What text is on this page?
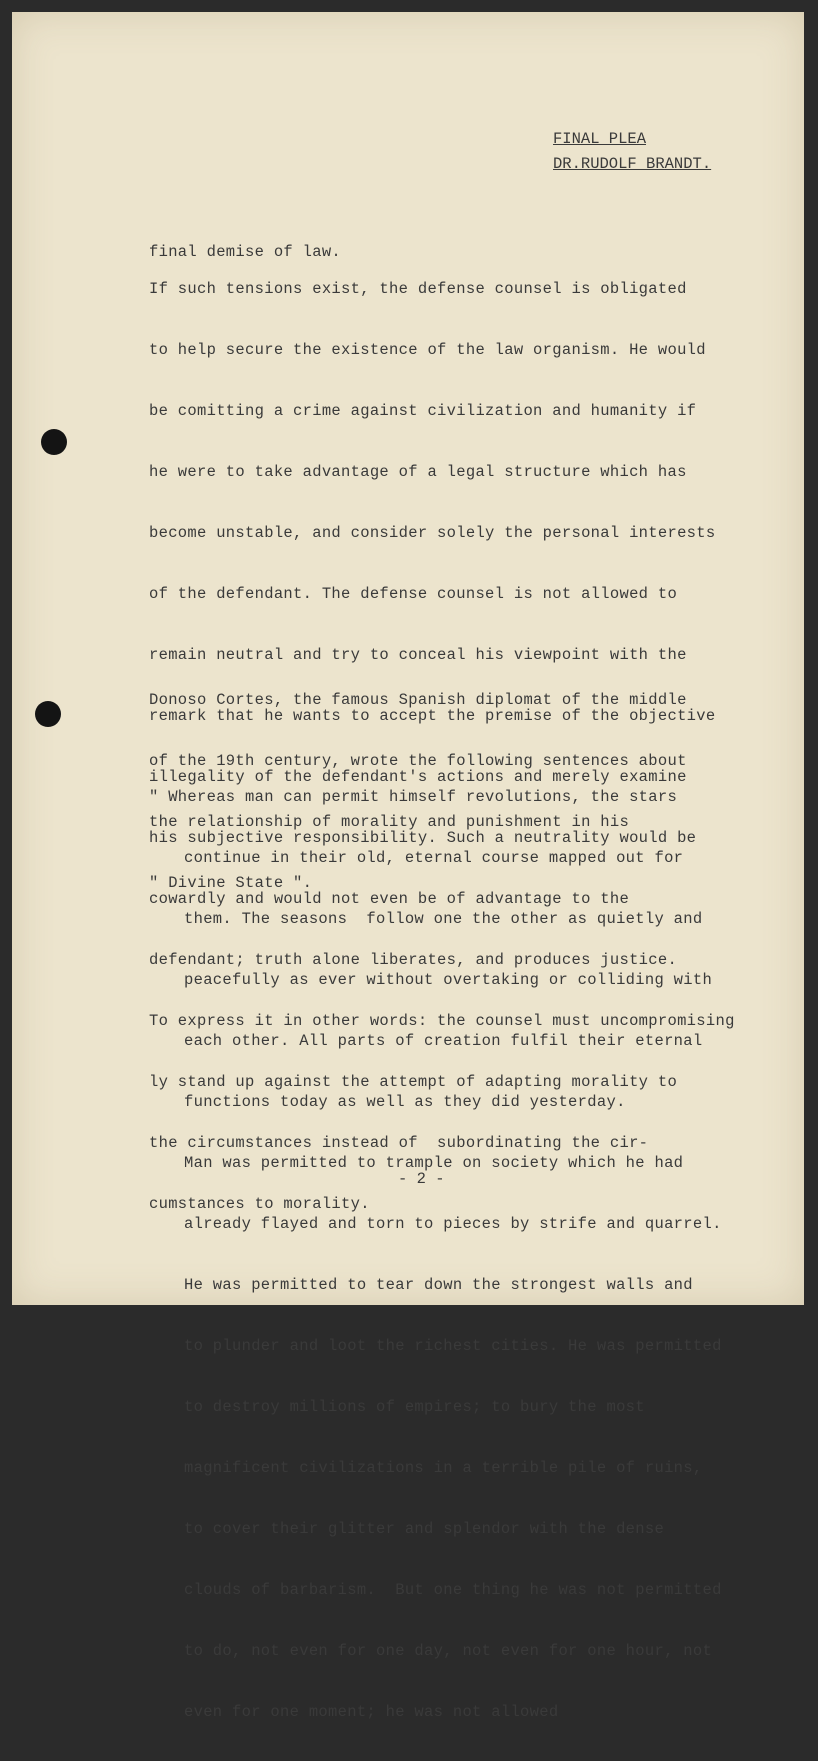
FINAL PLEA
DR.RUDOLF BRANDT.

final demise of law.

If such tensions exist, the defense counsel is obligated

to help secure the existence of the law organism. He would

be comitting a crime against civilization and humanity if

he were to take advantage of a legal structure which has

become unstable, and consider solely the personal interests

of the defendant. The defense counsel is not allowed to

remain neutral and try to conceal his viewpoint with the

remark that he wants to accept the premise of the objective

illegality of the defendant's actions and merely examine

his subjective responsibility. Such a neutrality would be

cowardly and would not even be of advantage to the

defendant; truth alone liberates, and produces justice.

To express it in other words: the counsel must uncompromising

ly stand up against the attempt of adapting morality to

the circumstances instead of  subordinating the cir-

cumstances to morality.

Donoso Cortes, the famous Spanish diplomat of the middle

of the 19th century, wrote the following sentences about

the relationship of morality and punishment in his

" Divine State ".

" Whereas man can permit himself revolutions, the stars

continue in their old, eternal course mapped out for

them. The seasons  follow one the other as quietly and

peacefully as ever without overtaking or colliding with

each other. All parts of creation fulfil their eternal

functions today as well as they did yesterday.

Man was permitted to trample on society which he had

already flayed and torn to pieces by strife and quarrel.

He was permitted to tear down the strongest walls and

to plunder and loot the richest cities. He was permitted

to destroy millions of empires; to bury the most

magnificent civilizations in a terrible pile of ruins,

to cover their glitter and splendor with the dense

clouds of barbarism.  But one thing he was not permitted

to do, not even for one day, not even for one hour, not

even for one moment; he was not allowed

- 2 -
